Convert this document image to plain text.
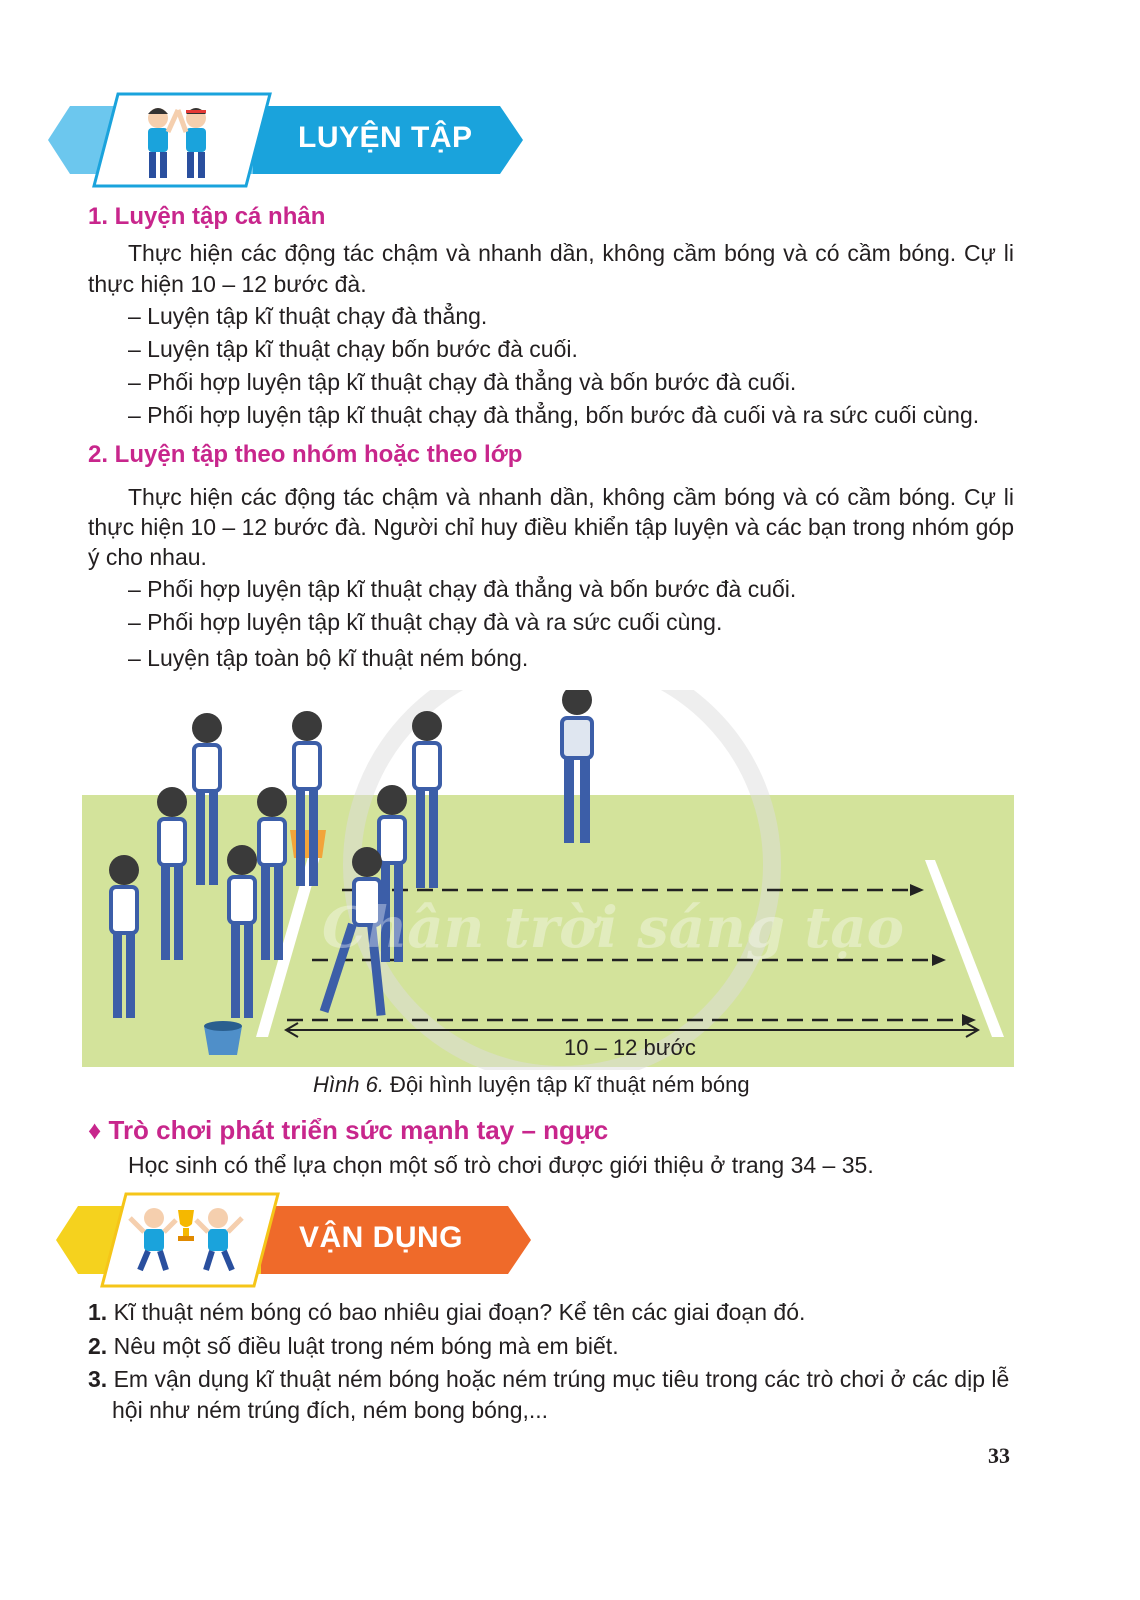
LUYỆN TẬP
1. Luyện tập cá nhân
Thực hiện các động tác chậm và nhanh dần, không cầm bóng và có cầm bóng. Cự li thực hiện 10 – 12 bước đà.
– Luyện tập kĩ thuật chạy đà thẳng.
– Luyện tập kĩ thuật chạy bốn bước đà cuối.
– Phối hợp luyện tập kĩ thuật chạy đà thẳng và bốn bước đà cuối.
– Phối hợp luyện tập kĩ thuật chạy đà thẳng, bốn bước đà cuối và ra sức cuối cùng.
2. Luyện tập theo nhóm hoặc theo lớp
Thực hiện các động tác chậm và nhanh dần, không cầm bóng và có cầm bóng. Cự li thực hiện 10 – 12 bước đà. Người chỉ huy điều khiển tập luyện và các bạn trong nhóm góp ý cho nhau.
– Phối hợp luyện tập kĩ thuật chạy đà thẳng và bốn bước đà cuối.
– Phối hợp luyện tập kĩ thuật chạy đà và ra sức cuối cùng.
– Luyện tập toàn bộ kĩ thuật ném bóng.
Chân trời sáng tạo
10 – 12 bước
Hình 6. Đội hình luyện tập kĩ thuật ném bóng
♦ Trò chơi phát triển sức mạnh tay – ngực
Học sinh có thể lựa chọn một số trò chơi được giới thiệu ở trang 34 – 35.
VẬN DỤNG
1. Kĩ thuật ném bóng có bao nhiêu giai đoạn? Kể tên các giai đoạn đó.
2. Nêu một số điều luật trong ném bóng mà em biết.
3. Em vận dụng kĩ thuật ném bóng hoặc ném trúng mục tiêu trong các trò chơi ở các dịp lễ hội như ném trúng đích, ném bong bóng,...
33
